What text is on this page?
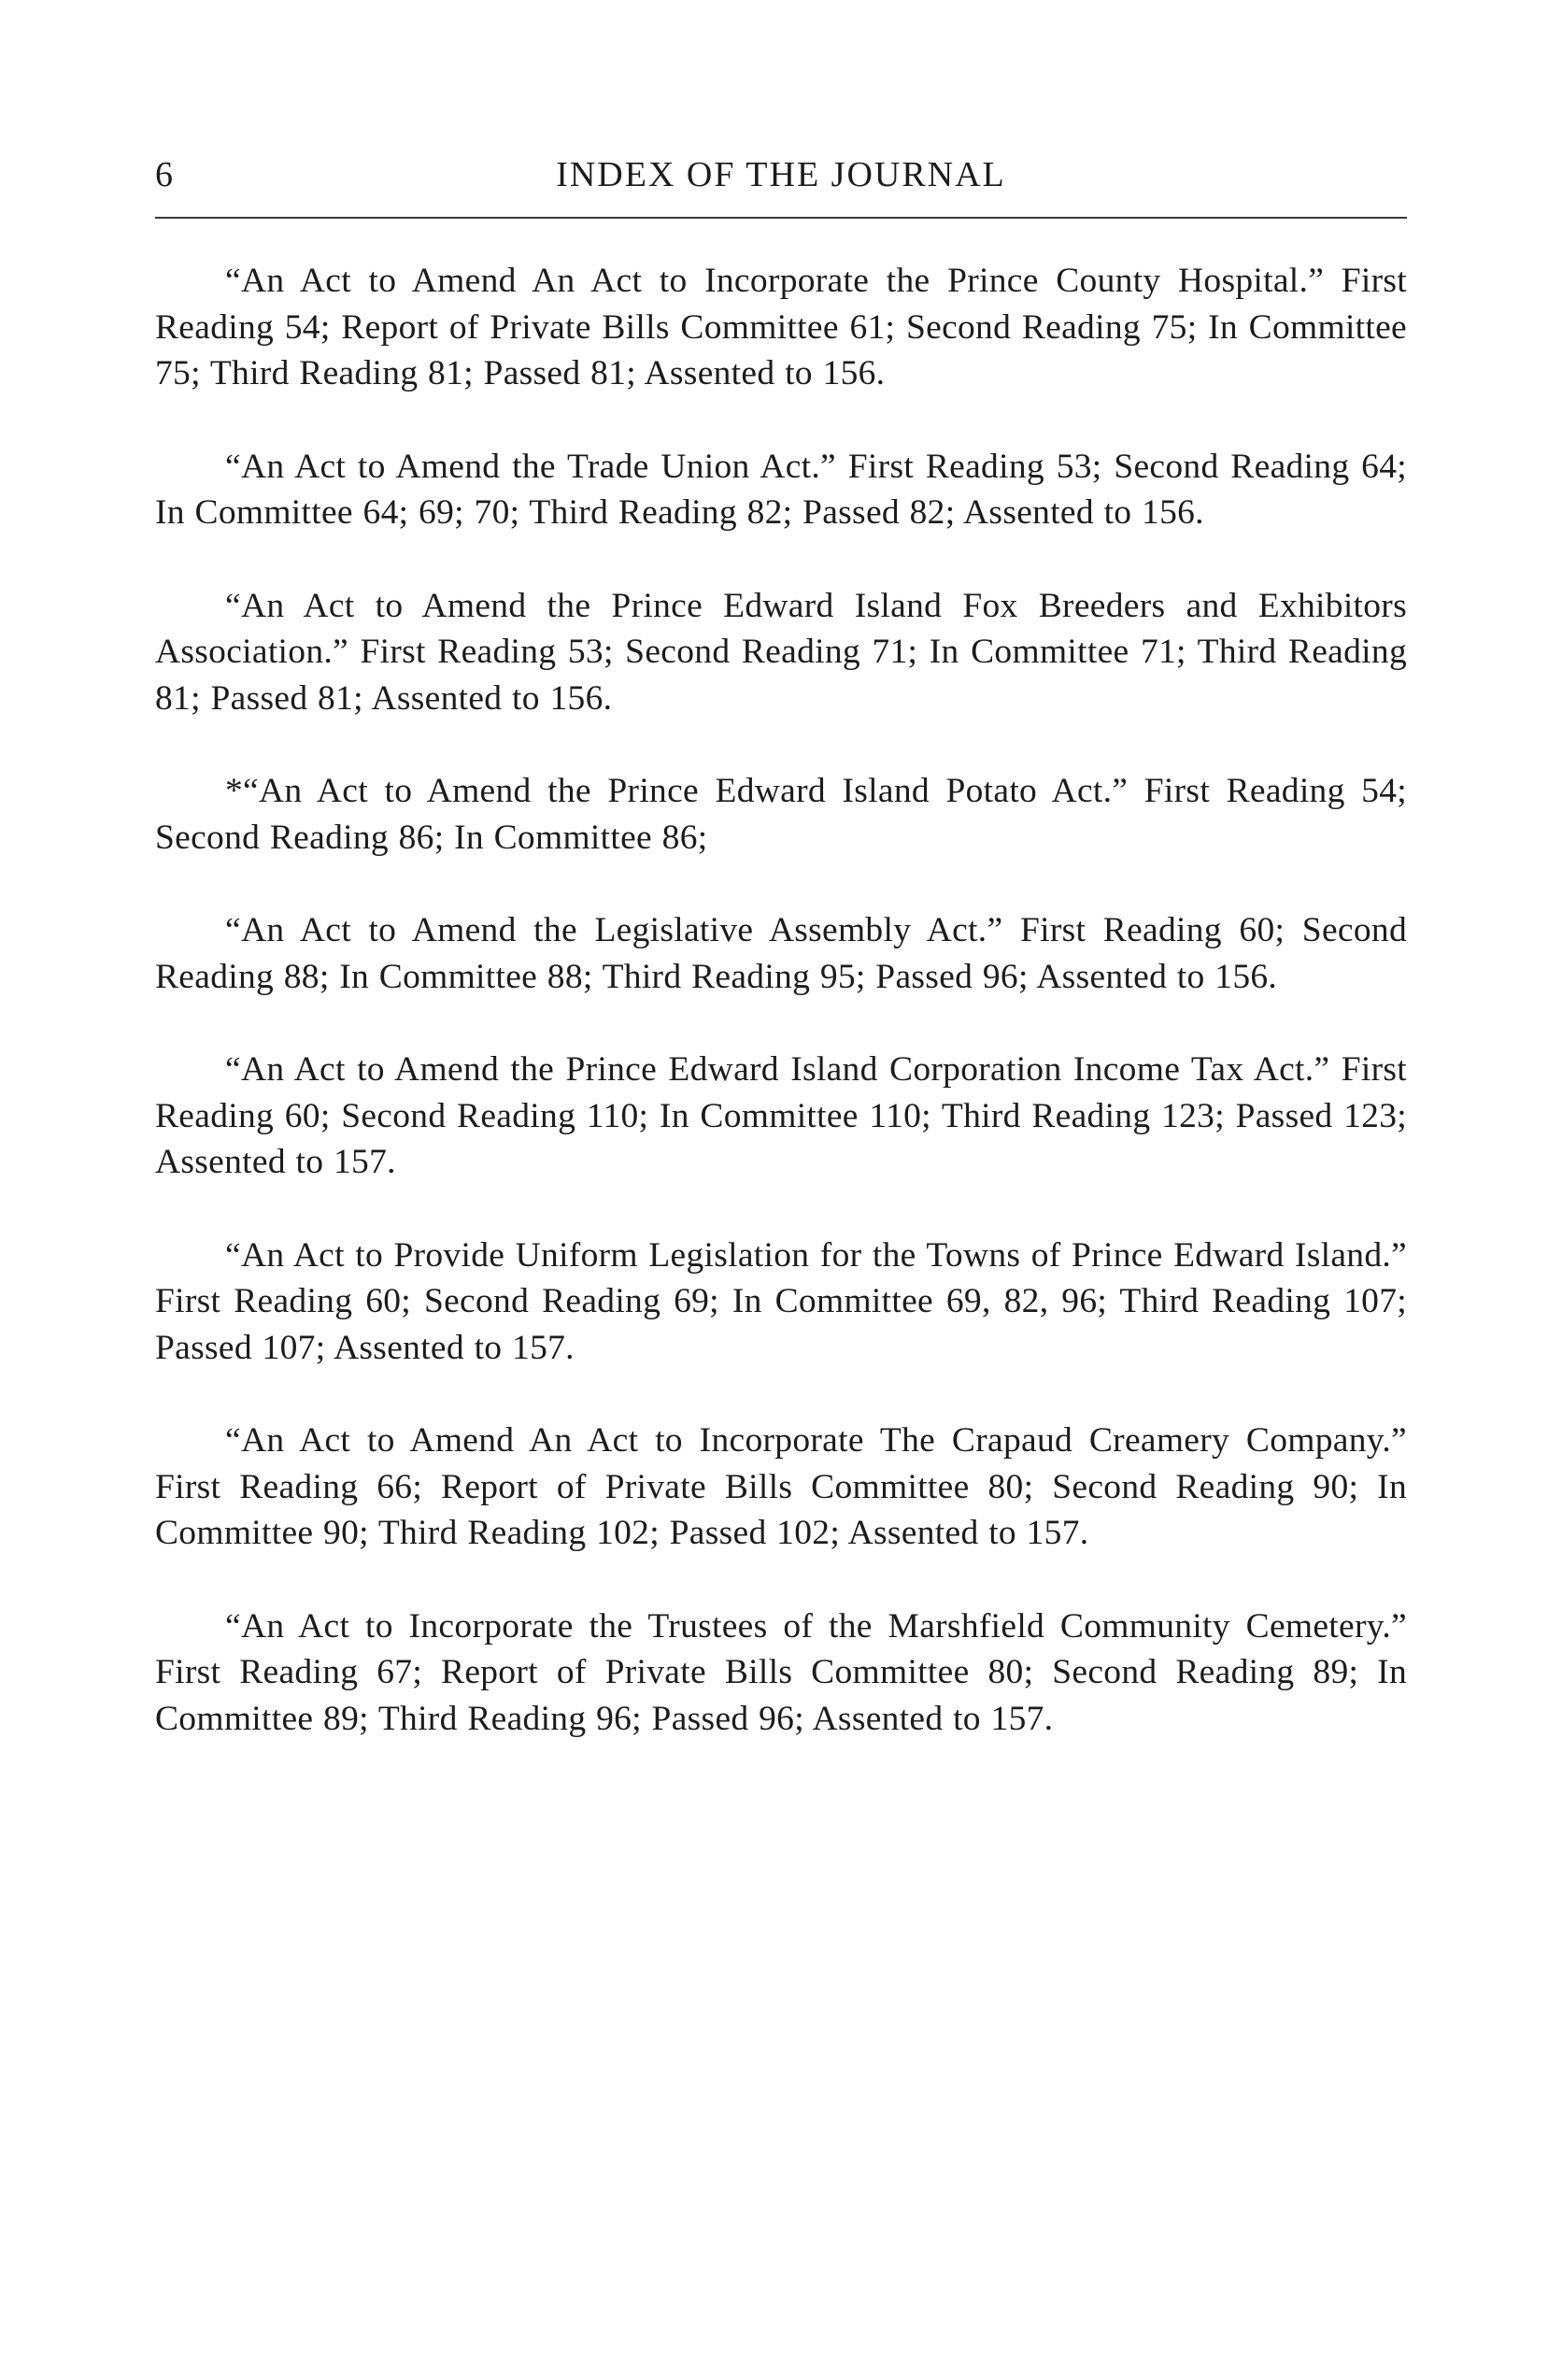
6	INDEX OF THE JOURNAL

“An Act to Amend An Act to Incorporate the Prince County Hospital.” First Reading 54; Report of Private Bills Committee 61; Second Reading 75; In Committee 75; Third Reading 81; Passed 81; Assented to 156.

“An Act to Amend the Trade Union Act.” First Reading 53; Second Reading 64; In Committee 64; 69; 70; Third Reading 82; Passed 82; Assented to 156.

“An Act to Amend the Prince Edward Island Fox Breeders and Exhibitors Association.” First Reading 53; Second Reading 71; In Committee 71; Third Reading 81; Passed 81; Assented to 156.

*“An Act to Amend the Prince Edward Island Potato Act.” First Reading 54; Second Reading 86; In Committee 86;

“An Act to Amend the Legislative Assembly Act.” First Reading 60; Second Reading 88; In Committee 88; Third Reading 95; Passed 96; Assented to 156.

“An Act to Amend the Prince Edward Island Corporation Income Tax Act.” First Reading 60; Second Reading 110; In Committee 110; Third Reading 123; Passed 123; Assented to 157.

“An Act to Provide Uniform Legislation for the Towns of Prince Edward Island.” First Reading 60; Second Reading 69; In Committee 69, 82, 96; Third Reading 107; Passed 107; Assented to 157.

“An Act to Amend An Act to Incorporate The Crapaud Creamery Company.” First Reading 66; Report of Private Bills Committee 80; Second Reading 90; In Committee 90; Third Reading 102; Passed 102; Assented to 157.

“An Act to Incorporate the Trustees of the Marshfield Community Cemetery.” First Reading 67; Report of Private Bills Committee 80; Second Reading 89; In Committee 89; Third Reading 96; Passed 96; Assented to 157.
